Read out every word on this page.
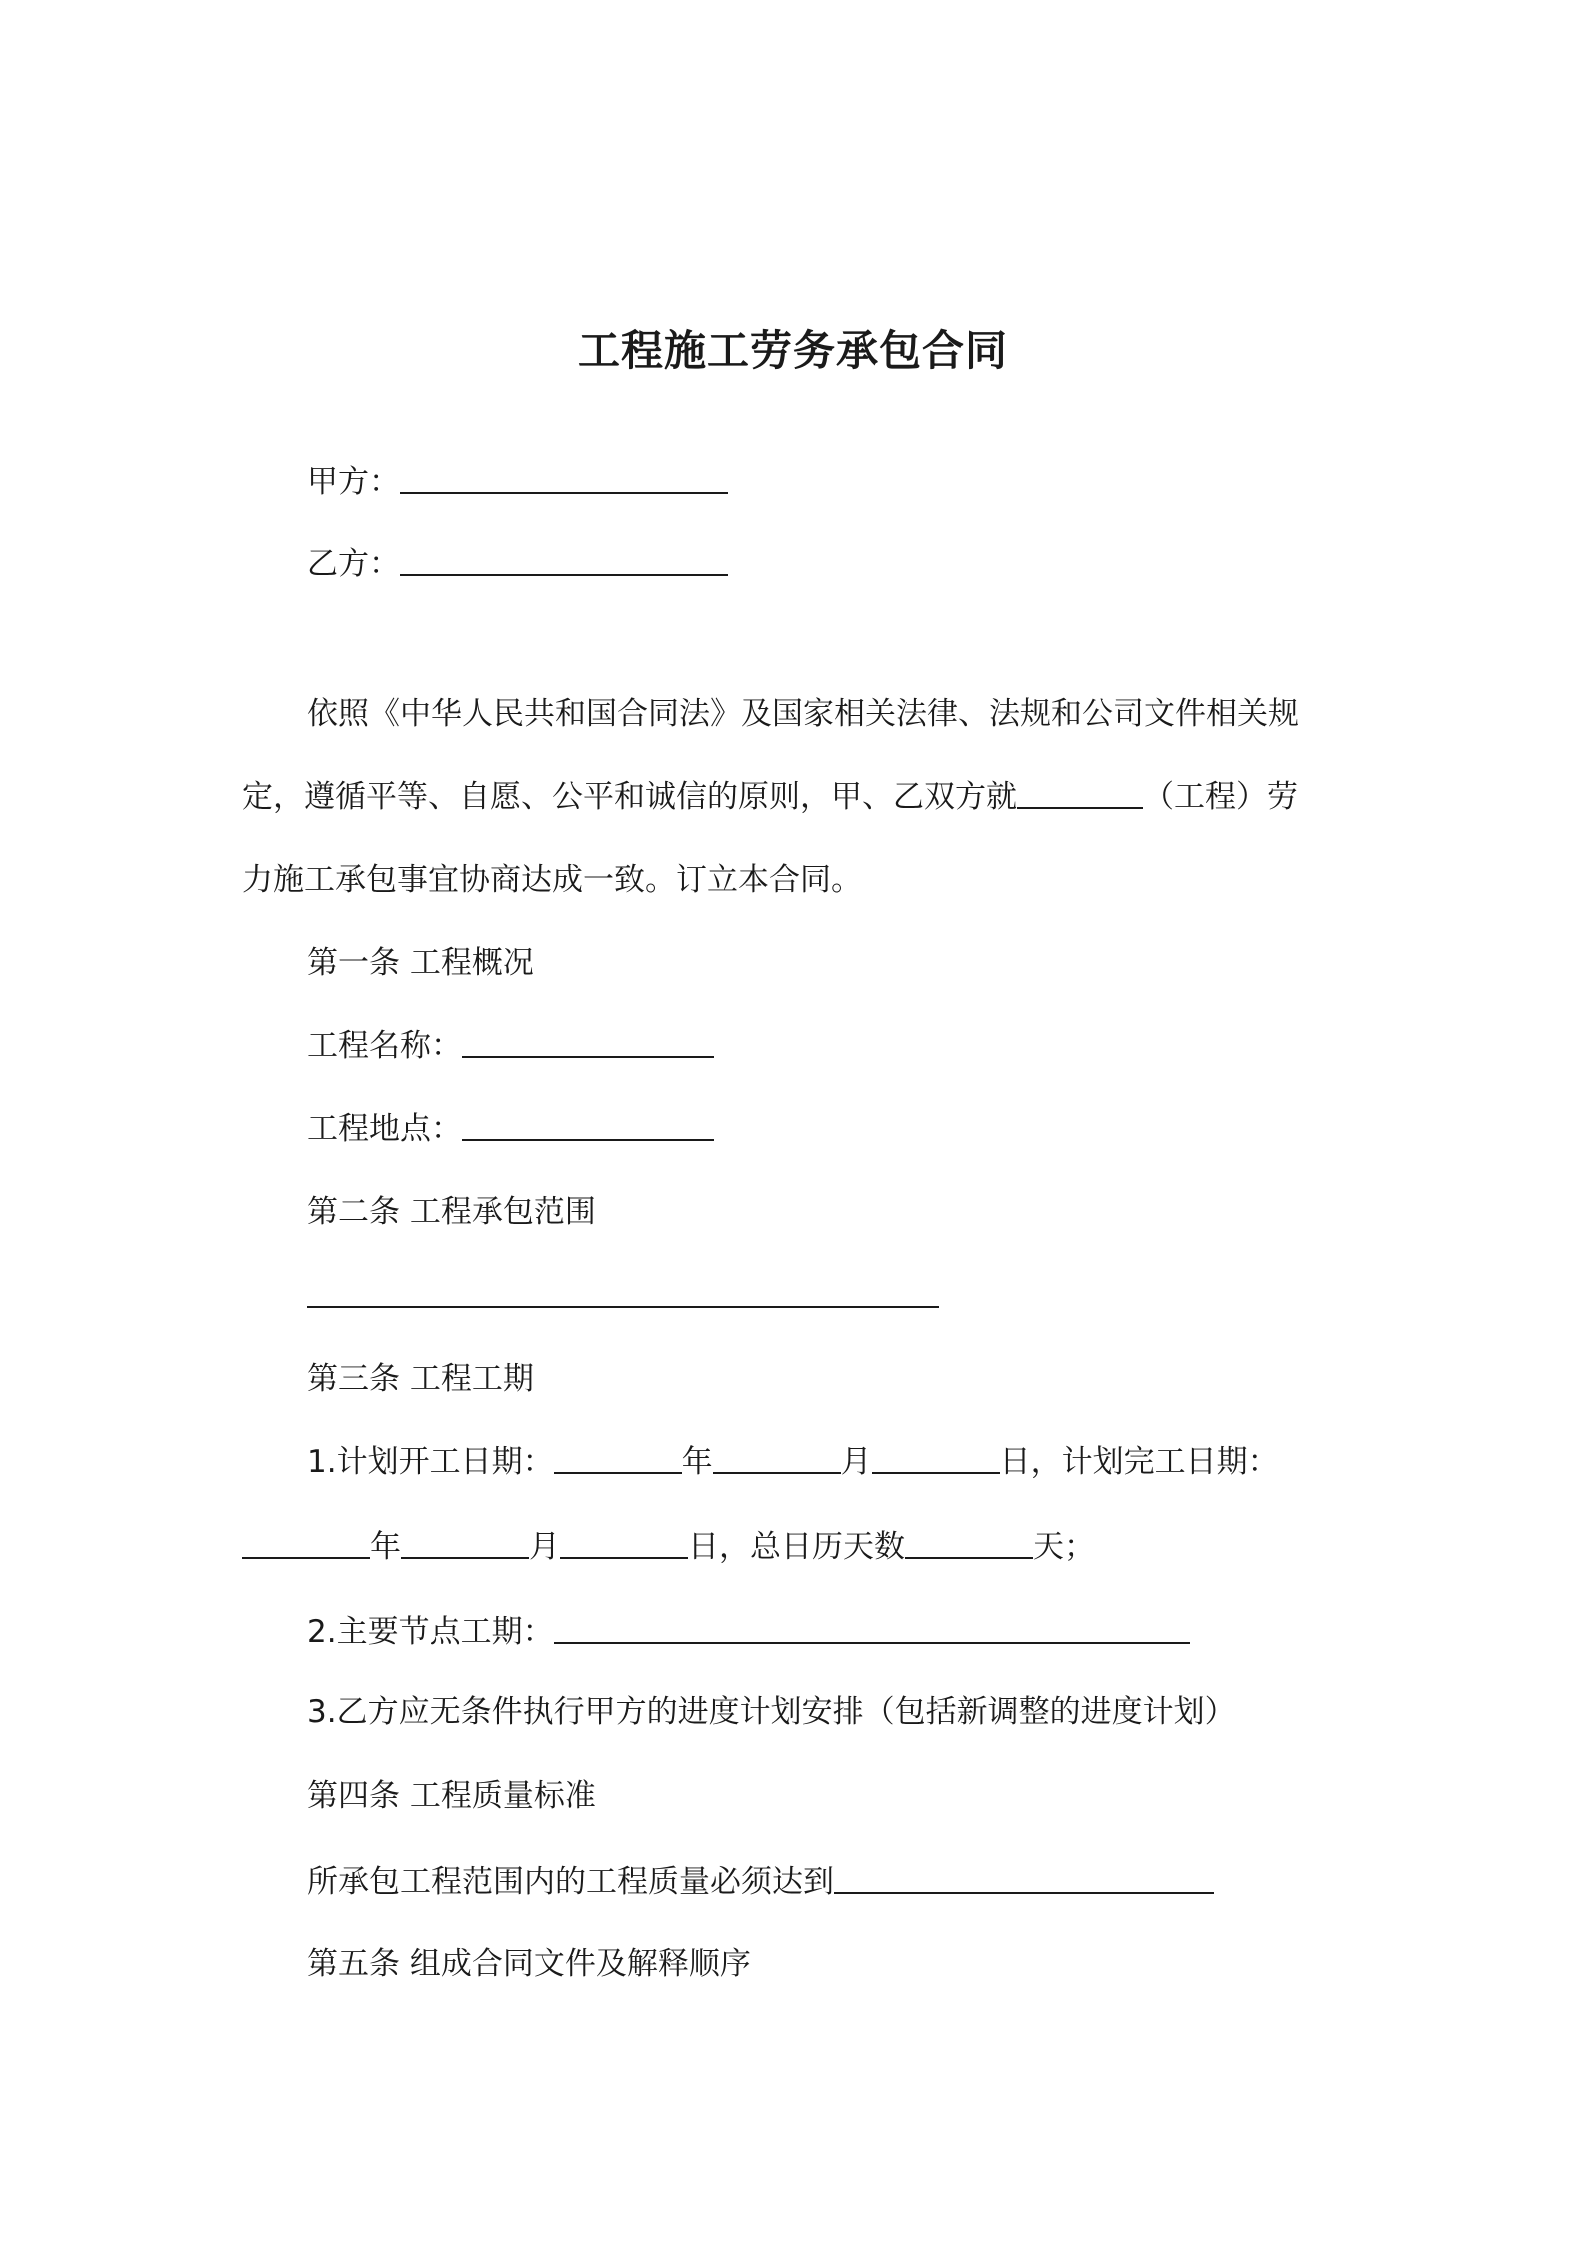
工程施工劳务承包合同

甲方：

乙方：

依照《中华人民共和国合同法》及国家相关法律、法规和公司文件相关规

定，遵循平等、自愿、公平和诚信的原则，甲、乙双方就	（工程）劳

力施工承包事宜协商达成一致。订立本合同。

第一条 工程概况

工程名称：

工程地点：

第二条 工程承包范围

第三条 工程工期

1.计划开工日期：	年	月	日，计划完工日期：

年	月	日，总日历天数	天；

2.主要节点工期：

3.乙方应无条件执行甲方的进度计划安排（包括新调整的进度计划）

第四条 工程质量标准

所承包工程范围内的工程质量必须达到

第五条 组成合同文件及解释顺序
